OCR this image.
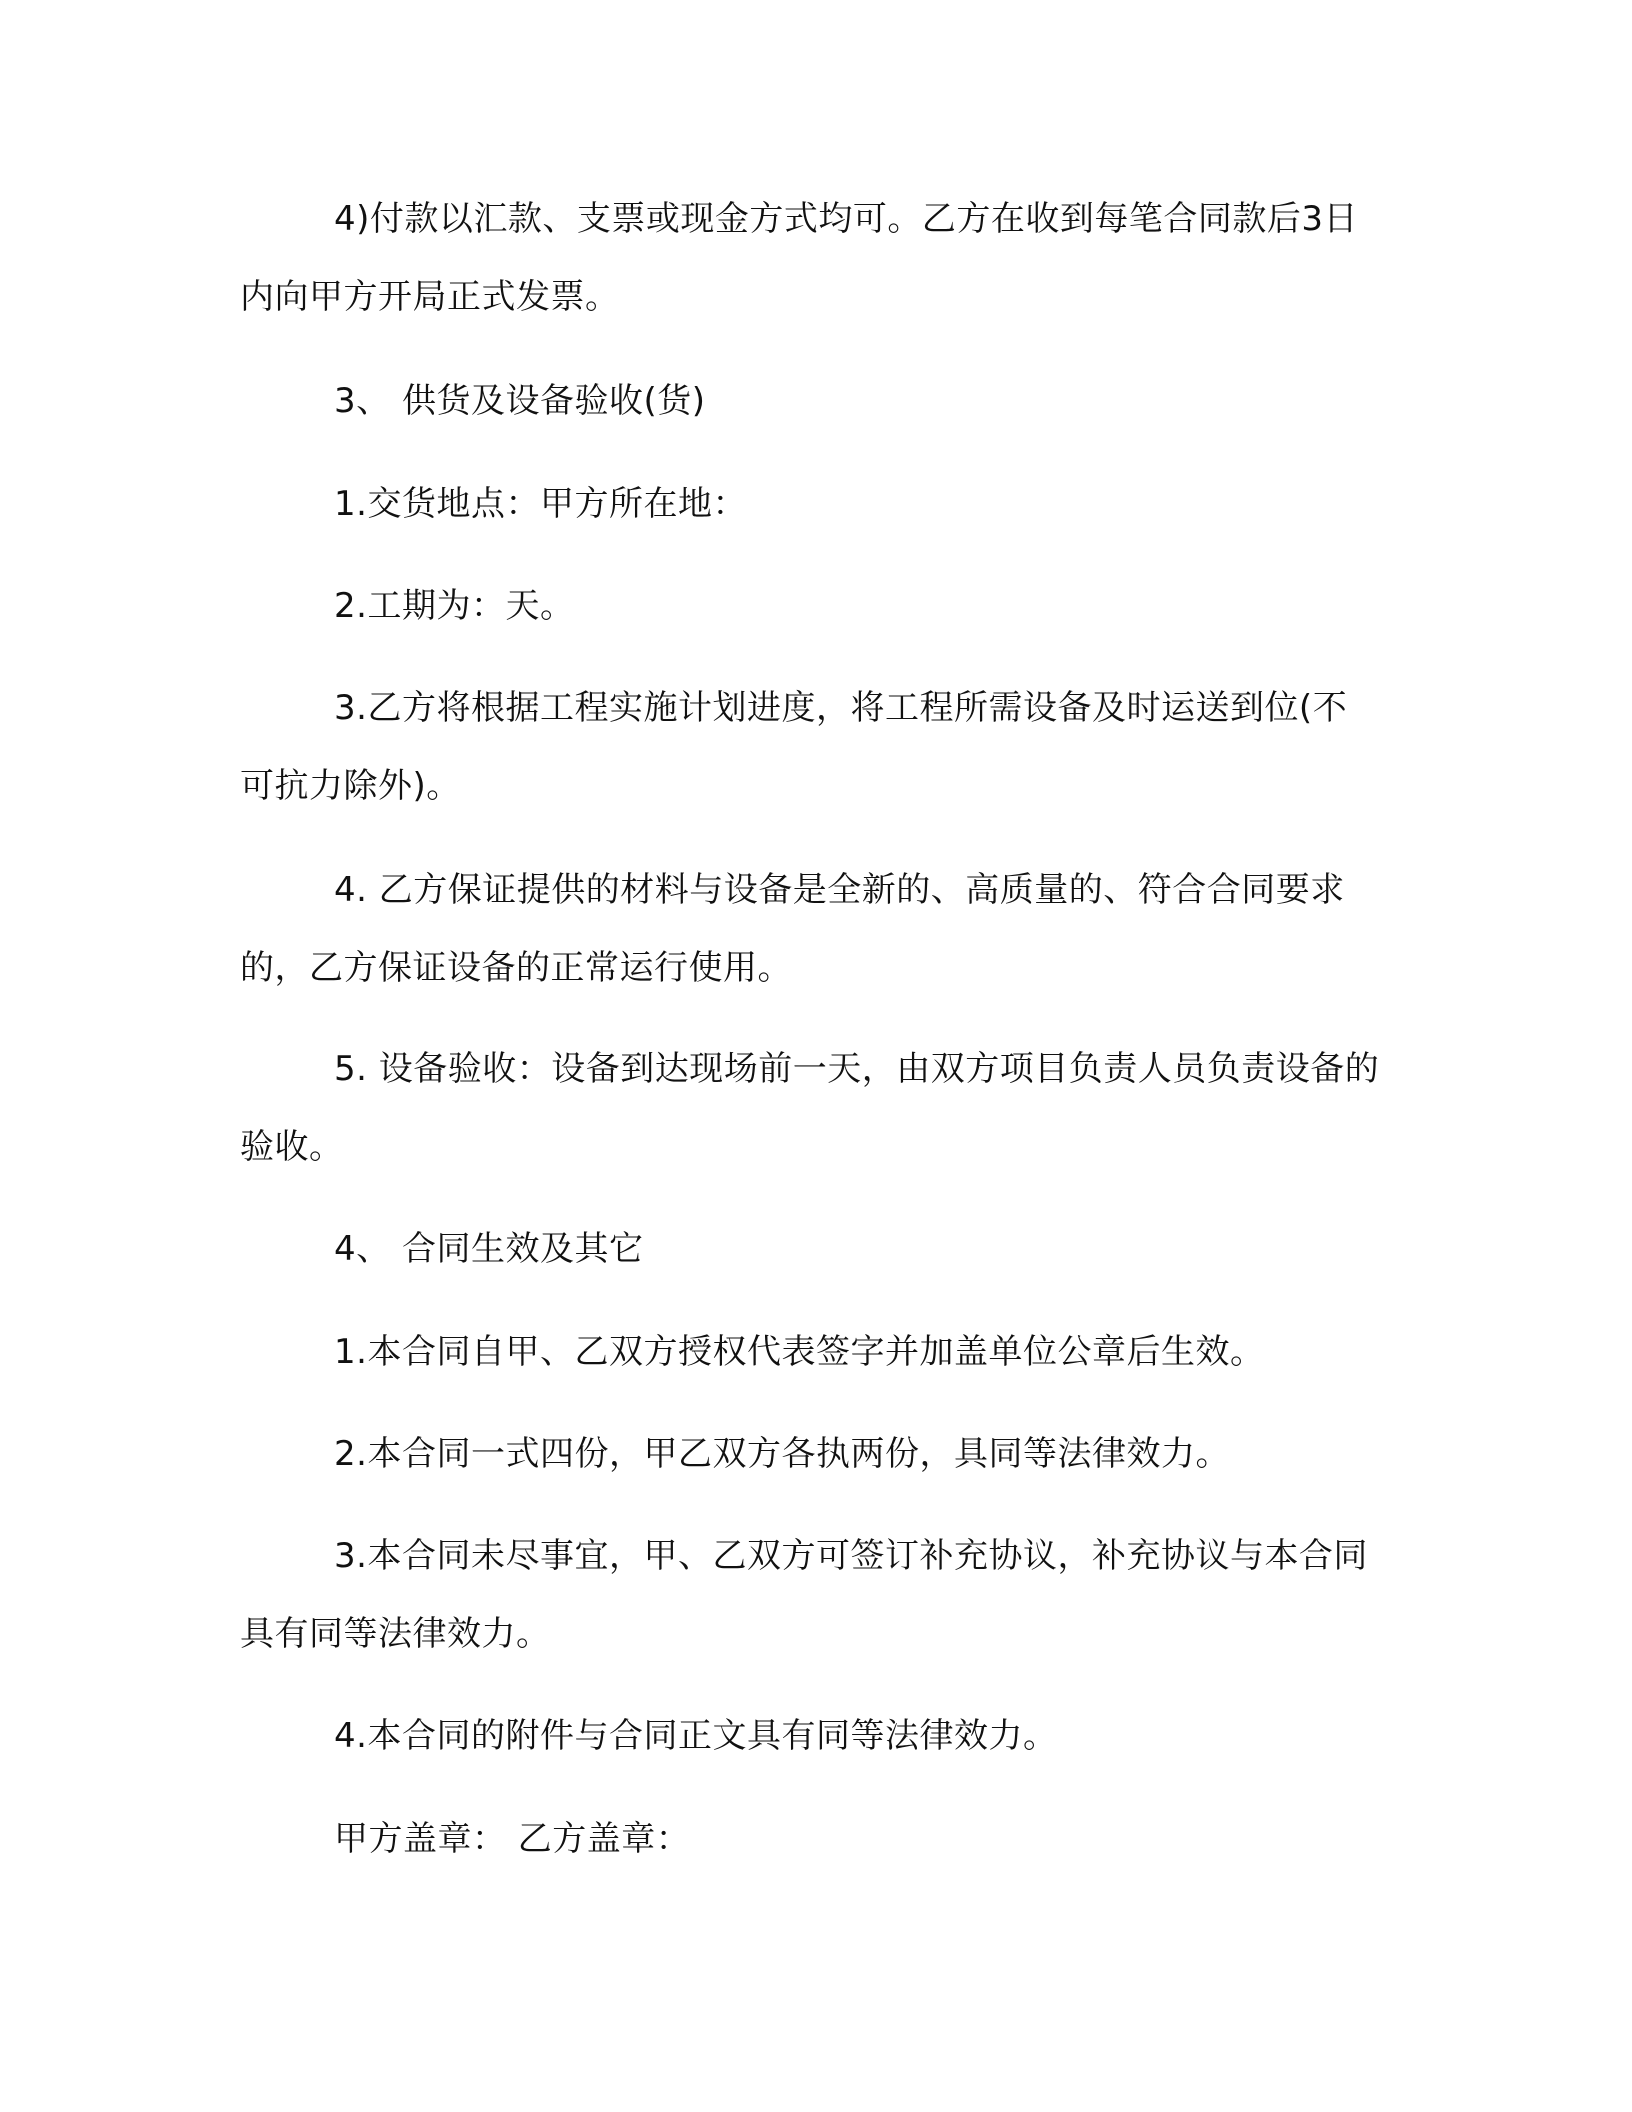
4)付款以汇款、支票或现金方式均可。乙方在收到每笔合同款后3日内向甲方开局正式发票。

3、 供货及设备验收(货)

1.交货地点：甲方所在地：

2.工期为：天。

3.乙方将根据工程实施计划进度，将工程所需设备及时运送到位(不可抗力除外)。

4. 乙方保证提供的材料与设备是全新的、高质量的、符合合同要求的，乙方保证设备的正常运行使用。

5. 设备验收：设备到达现场前一天，由双方项目负责人员负责设备的验收。

4、 合同生效及其它

1.本合同自甲、乙双方授权代表签字并加盖单位公章后生效。

2.本合同一式四份，甲乙双方各执两份，具同等法律效力。

3.本合同未尽事宜，甲、乙双方可签订补充协议，补充协议与本合同具有同等法律效力。

4.本合同的附件与合同正文具有同等法律效力。

甲方盖章： 乙方盖章：
